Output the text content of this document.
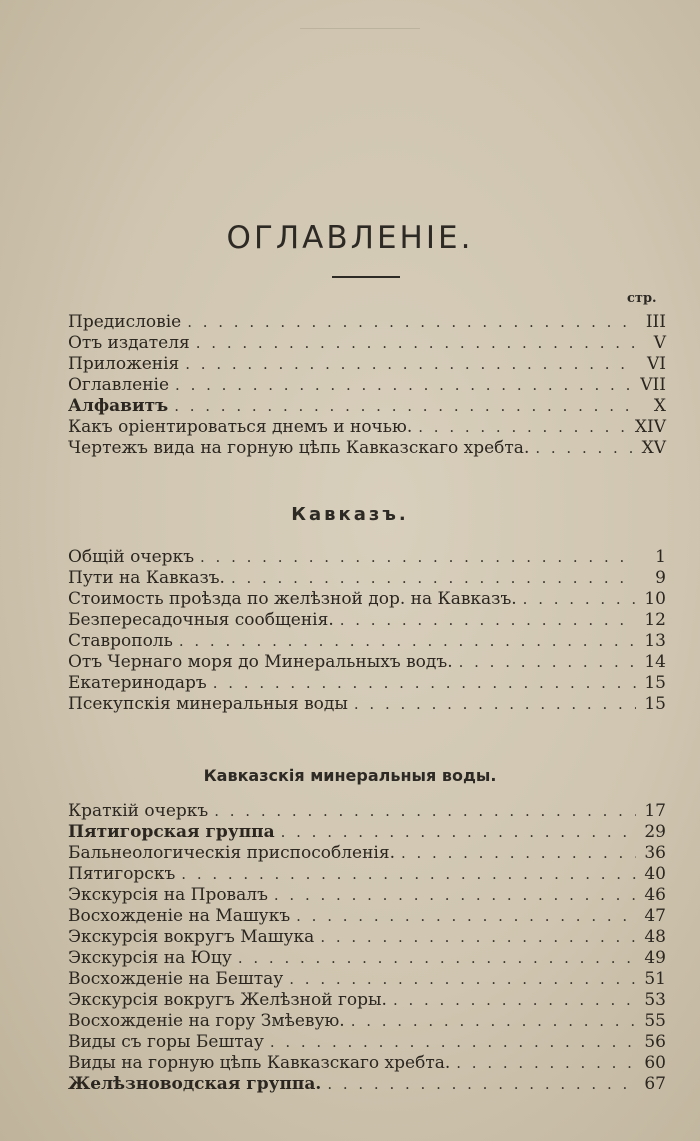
ОГЛАВЛЕНІЕ.
стр.
Предисловіе . . .	III
Отъ издателя . . .	V
Приложенія . . .	VI
Оглавленіе . . .	VII
Алфавитъ . . .	X
Какъ оріентироваться днемъ и ночью. . . .	XIV
Чертежъ вида на горную цѣпь Кавказскаго хребта. . . .	XV
Кавказъ.
Общій очеркъ . . .	1
Пути на Кавказъ. . . .	9
Стоимость проѣзда по желѣзной дор. на Кавказъ. . . .	10
Безпересадочныя сообщенія. . . .	12
Ставрополь . . .	13
Отъ Чернаго моря до Минеральныхъ водъ. . . .	14
Екатеринодаръ . . .	15
Псекупскія минеральныя воды . . .	15
Кавказскія минеральныя воды.
Краткій очеркъ . . .	17
Пятигорская группа . . .	29
Бальнеологическія приспособленія. . . .	36
Пятигорскъ . . .	40
Экскурсія на Провалъ . . .	46
Восхожденіе на Машукъ . . .	47
Экскурсія вокругъ Машука . . .	48
Экскурсія на Юцу . . .	49
Восхожденіе на Бештау . . .	51
Экскурсія вокругъ Желѣзной горы. . . .	53
Восхожденіе на гору Змѣевую. . . .	55
Виды съ горы Бештау . . .	56
Виды на горную цѣпь Кавказскаго хребта. . . .	60
Желѣзноводская группа. . . .	67
